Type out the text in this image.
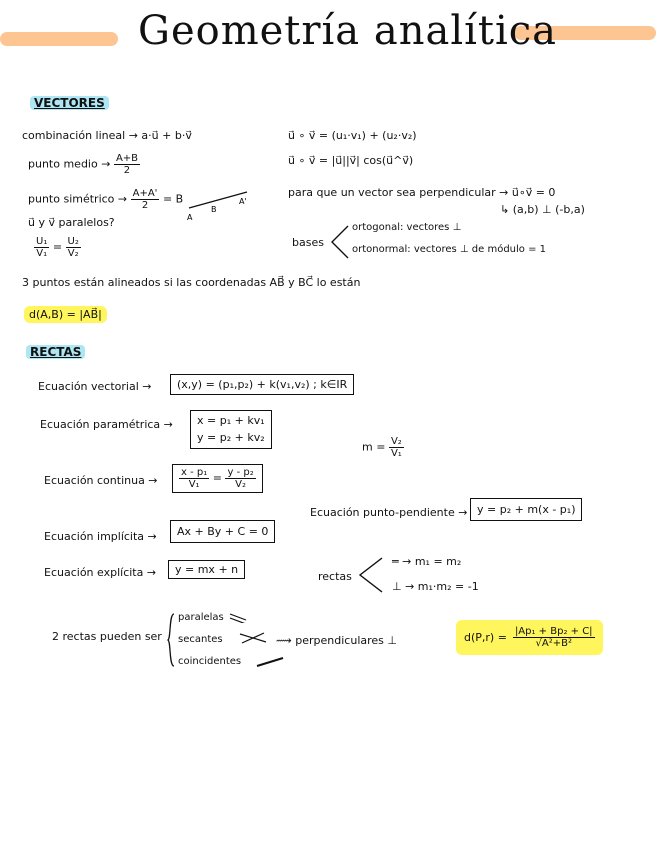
Geometría analítica
VECTORES
combinación lineal → a·u⃗ + b·v⃗
punto medio → $\frac{A+B}{2}$
punto simétrico → $\frac{A+A'}{2} = B$
A
B
A'
u⃗ y v⃗ paralelos?
$\frac{\text{U₁}}{\text{V₁}} = \frac{\text{U₂}}{\text{V₂}}$
u⃗ ∘ v⃗ = (u₁·v₁) + (u₂·v₂)
u⃗ ∘ v⃗ = |u⃗||v⃗| cos(u⃗^v⃗)
para que un vector sea perpendicular → u⃗∘v⃗ = 0
↳ (a,b) ⊥ (-b,a)
bases
ortogonal: vectores ⊥
ortonormal: vectores ⊥ de módulo = 1
3 puntos están alineados si las coordenadas AB⃗ y BC⃗ lo están
d(A,B) = |AB⃗|
RECTAS
Ecuación vectorial →	(x,y) = (p₁,p₂) + k(v₁,v₂) ; k∈IR
Ecuación paramétrica → x = p₁ + kv₁
y = p₂ + kv₂
Ecuación continua → $\frac{\text{x - p₁}}{\text{V₁}} = \frac{\text{y - p₂}}{\text{V₂}}$
Ecuación implícita →	Ax + By + C = 0
Ecuación explícita →	y = mx + n
$m = \frac{\text{V₂}}{\text{V₁}}$
Ecuación punto-pendiente → y = p₂ + m(x - p₁)
rectas
═ → m₁ = m₂
⊥ → m₁·m₂ = -1
2 rectas pueden ser
paralelas
secantes
coincidentes
⟿ perpendiculares ⊥	$d(P,r) = \frac{\text{|Ap₁ + Bp₂ + C|}}{\text{√A²+B²}}$
